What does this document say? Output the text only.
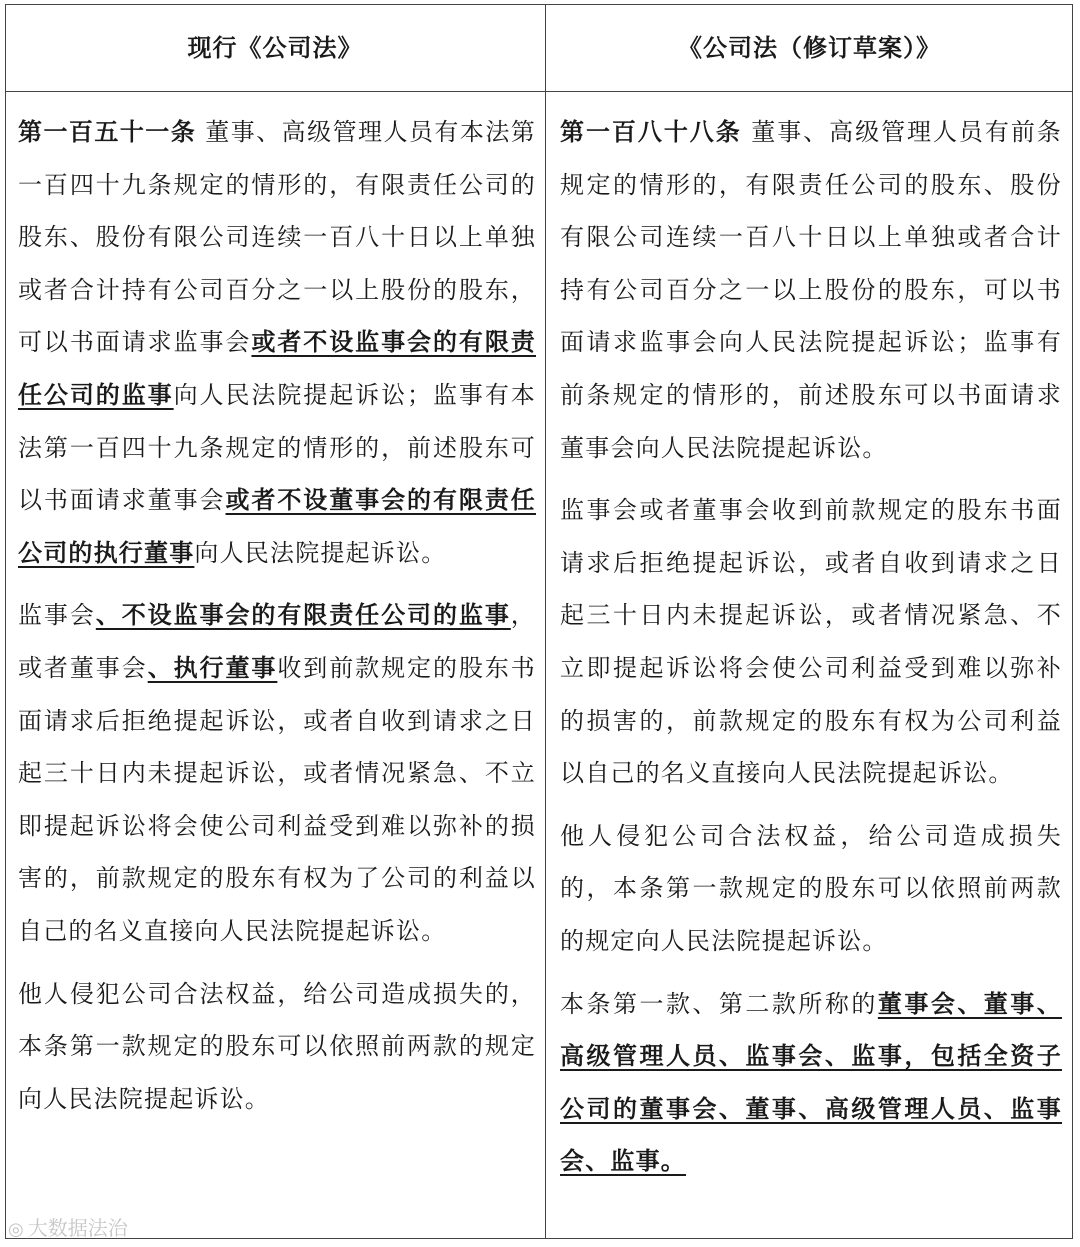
现行《公司法》	《公司法（修订草案）》

第一百五十一条 董事、高级管理人员有本法第一百四十九条规定的情形的，有限责任公司的股东、股份有限公司连续一百八十日以上单独或者合计持有公司百分之一以上股份的股东，可以书面请求监事会或者不设监事会的有限责任公司的监事向人民法院提起诉讼；监事有本法第一百四十九条规定的情形的，前述股东可以书面请求董事会或者不设董事会的有限责任公司的执行董事向人民法院提起诉讼。

监事会、不设监事会的有限责任公司的监事，或者董事会、执行董事收到前款规定的股东书面请求后拒绝提起诉讼，或者自收到请求之日起三十日内未提起诉讼，或者情况紧急、不立即提起诉讼将会使公司利益受到难以弥补的损害的，前款规定的股东有权为了公司的利益以自己的名义直接向人民法院提起诉讼。

他人侵犯公司合法权益，给公司造成损失的，本条第一款规定的股东可以依照前两款的规定向人民法院提起诉讼。

第一百八十八条 董事、高级管理人员有前条规定的情形的，有限责任公司的股东、股份有限公司连续一百八十日以上单独或者合计持有公司百分之一以上股份的股东，可以书面请求监事会向人民法院提起诉讼；监事有前条规定的情形的，前述股东可以书面请求董事会向人民法院提起诉讼。

监事会或者董事会收到前款规定的股东书面请求后拒绝提起诉讼，或者自收到请求之日起三十日内未提起诉讼，或者情况紧急、不立即提起诉讼将会使公司利益受到难以弥补的损害的，前款规定的股东有权为公司利益以自己的名义直接向人民法院提起诉讼。

他人侵犯公司合法权益，给公司造成损失的，本条第一款规定的股东可以依照前两款的规定向人民法院提起诉讼。

本条第一款、第二款所称的董事会、董事、高级管理人员、监事会、监事，包括全资子公司的董事会、董事、高级管理人员、监事会、监事。

◎ 大数据法治
